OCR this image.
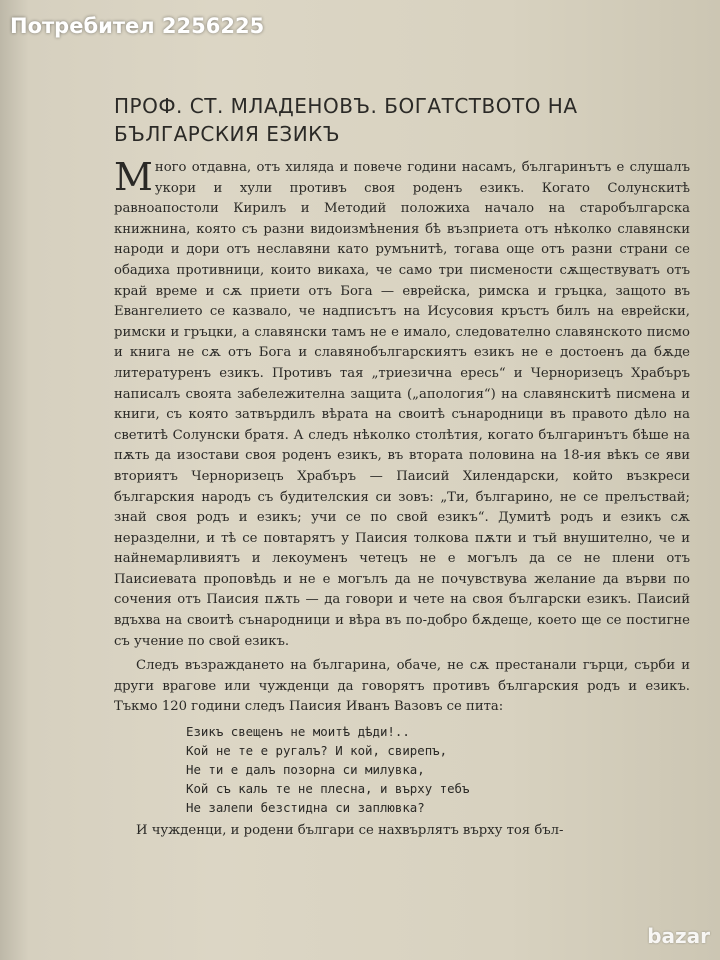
Потребител 2256225
ПРОФ. СТ. МЛАДЕНОВЪ. БОГАТСТВОТО НА БЪЛГАРСКИЯ ЕЗИКЪ

Много отдавна, отъ хиляда и повече години насамъ, българинътъ е слушалъ укори и хули противъ своя роденъ езикъ. Когато Солунскитѣ равноапостоли Кирилъ и Методий положиха начало на старобългарска книжнина, която съ разни видоизмѣнения бѣ възприета отъ нѣколко славянски народи и дори отъ неславяни като румънитѣ, тогава още отъ разни страни се обадиха противници, които викаха, че само три писмености сѫществуватъ отъ край време и сѫ приети отъ Бога — еврейска, римска и гръцка, защото въ Евангелието се казвало, че надписътъ на Исусовия кръстъ билъ на еврейски, римски и гръцки, а славянски тамъ не е имало, следователно славянското писмо и книга не сѫ отъ Бога и славянобългарскиятъ езикъ не е достоенъ да бѫде литературенъ езикъ. Противъ тая „триезична ересь“ и Черноризецъ Храбъръ написалъ своята забележителна защита („апология“) на славянскитѣ писмена и книги, съ която затвърдилъ вѣрата на своитѣ сънародници въ правото дѣло на светитѣ Солунски братя. А следъ нѣколко столѣтия, когато българинътъ бѣше на пѫть да изостави своя роденъ езикъ, въ втората половина на 18-ия вѣкъ се яви вториятъ Черноризецъ Храбъръ — Паисий Хилендарски, който възкреси българския народъ съ будителския си зовъ: „Ти, българино, не се прелъствай; знай своя родъ и езикъ; учи се по свой езикъ“. Думитѣ родъ и езикъ сѫ неразделни, и тѣ се повтарятъ у Паисия толкова пѫти и тъй внушително, че и найнемарливиятъ и лекоуменъ четецъ не е могълъ да се не плени отъ Паисиевата проповѣдь и не е могълъ да не почувствува желание да върви по сочения отъ Паисия пѫть — да говори и чете на своя български езикъ. Паисий вдъхва на своитѣ сънародници и вѣра въ по-добро бѫдеще, което ще се постигне съ учение по свой езикъ.

Следъ възраждането на българина, обаче, не сѫ престанали гърци, сърби и други врагове или чужденци да говорятъ противъ българския родъ и езикъ. Тъкмо 120 години следъ Паисия Иванъ Вазовъ се пита:

Езикъ свещенъ не моитѣ дѣди!..
Кой не те е ругалъ? И кой, свирепъ,
Не ти е далъ позорна си милувка,
Кой съ каль те не плесна, и върху тебъ
Не залепи безстидна си заплювка?

И чужденци, и родени българи се нахвърлятъ върху тоя бъл-

bazar
